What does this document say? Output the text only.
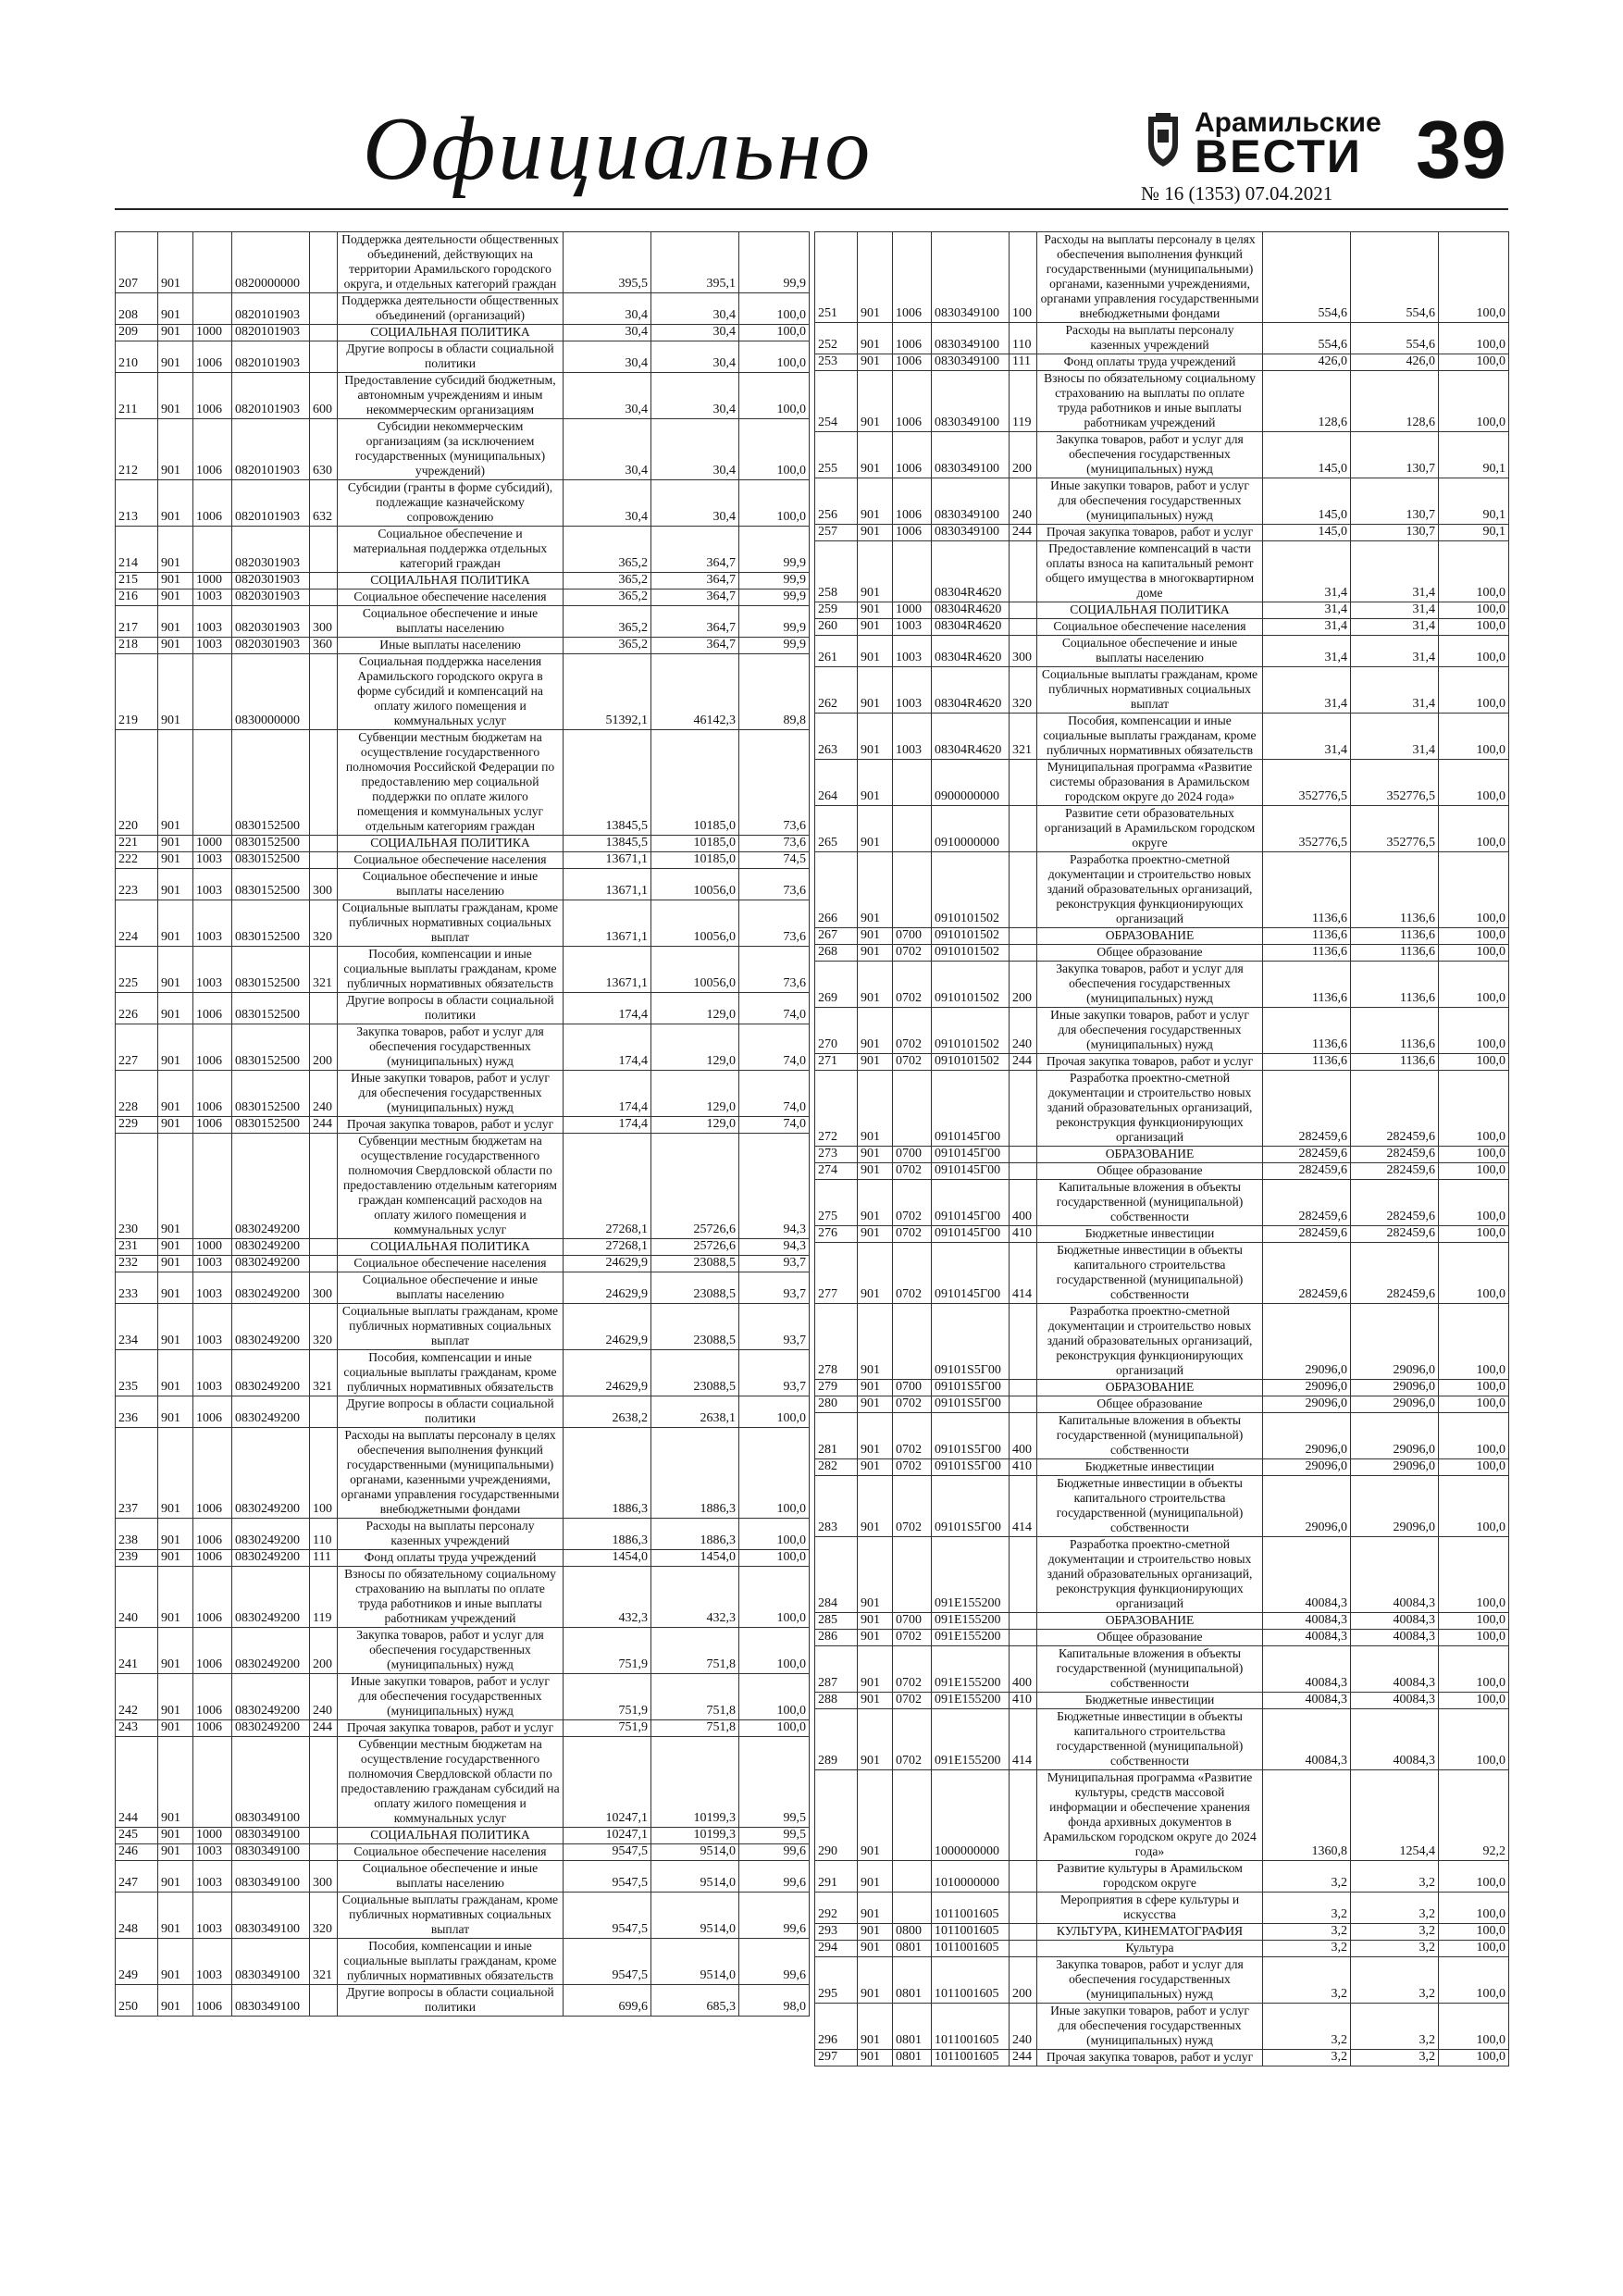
Официально	Арамильские
ВЕСТИ 39
№ 16 (1353) 07.04.2021
207	901		0820000000		Поддержка деятельности общественных объединений, действующих на территории Арамильского городского округа, и отдельных категорий граждан	395,5	395,1	99,9
208	901		0820101903		Поддержка деятельности общественных объединений (организаций)	30,4	30,4	100,0
209	901	1000	0820101903		СОЦИАЛЬНАЯ ПОЛИТИКА	30,4	30,4	100,0
210	901	1006	0820101903		Другие вопросы в области социальной политики	30,4	30,4	100,0
211	901	1006	0820101903	600	Предоставление субсидий бюджетным, автономным учреждениям и иным некоммерческим организациям	30,4	30,4	100,0
212	901	1006	0820101903	630	Субсидии некоммерческим организациям (за исключением государственных (муниципальных) учреждений)	30,4	30,4	100,0
213	901	1006	0820101903	632	Субсидии (гранты в форме субсидий), подлежащие казначейскому сопровождению	30,4	30,4	100,0
214	901		0820301903		Социальное обеспечение и материальная поддержка отдельных категорий граждан	365,2	364,7	99,9
215	901	1000	0820301903		СОЦИАЛЬНАЯ ПОЛИТИКА	365,2	364,7	99,9
216	901	1003	0820301903		Социальное обеспечение населения	365,2	364,7	99,9
217	901	1003	0820301903	300	Социальное обеспечение и иные выплаты населению	365,2	364,7	99,9
218	901	1003	0820301903	360	Иные выплаты населению	365,2	364,7	99,9
219	901		0830000000		Социальная поддержка населения Арамильского городского округа в форме субсидий и компенсаций на оплату жилого помещения и коммунальных услуг	51392,1	46142,3	89,8
220	901		0830152500		Субвенции местным бюджетам на осуществление государственного полномочия Российской Федерации по предоставлению мер социальной поддержки по оплате жилого помещения и коммунальных услуг отдельным категориям граждан	13845,5	10185,0	73,6
221	901	1000	0830152500		СОЦИАЛЬНАЯ ПОЛИТИКА	13845,5	10185,0	73,6
222	901	1003	0830152500		Социальное обеспечение населения	13671,1	10185,0	74,5
223	901	1003	0830152500	300	Социальное обеспечение и иные выплаты населению	13671,1	10056,0	73,6
224	901	1003	0830152500	320	Социальные выплаты гражданам, кроме публичных нормативных социальных выплат	13671,1	10056,0	73,6
225	901	1003	0830152500	321	Пособия, компенсации и иные социальные выплаты гражданам, кроме публичных нормативных обязательств	13671,1	10056,0	73,6
226	901	1006	0830152500		Другие вопросы в области социальной политики	174,4	129,0	74,0
227	901	1006	0830152500	200	Закупка товаров, работ и услуг для обеспечения государственных (муниципальных) нужд	174,4	129,0	74,0
228	901	1006	0830152500	240	Иные закупки товаров, работ и услуг для обеспечения государственных (муниципальных) нужд	174,4	129,0	74,0
229	901	1006	0830152500	244	Прочая закупка товаров, работ и услуг	174,4	129,0	74,0
230	901		0830249200		Субвенции местным бюджетам на осуществление государственного полномочия Свердловской области по предоставлению отдельным категориям граждан компенсаций расходов на оплату жилого помещения и коммунальных услуг	27268,1	25726,6	94,3
231	901	1000	0830249200		СОЦИАЛЬНАЯ ПОЛИТИКА	27268,1	25726,6	94,3
232	901	1003	0830249200		Социальное обеспечение населения	24629,9	23088,5	93,7
233	901	1003	0830249200	300	Социальное обеспечение и иные выплаты населению	24629,9	23088,5	93,7
234	901	1003	0830249200	320	Социальные выплаты гражданам, кроме публичных нормативных социальных выплат	24629,9	23088,5	93,7
235	901	1003	0830249200	321	Пособия, компенсации и иные социальные выплаты гражданам, кроме публичных нормативных обязательств	24629,9	23088,5	93,7
236	901	1006	0830249200		Другие вопросы в области социальной политики	2638,2	2638,1	100,0
237	901	1006	0830249200	100	Расходы на выплаты персоналу в целях обеспечения выполнения функций государственными (муниципальными) органами, казенными учреждениями, органами управления государственными внебюджетными фондами	1886,3	1886,3	100,0
238	901	1006	0830249200	110	Расходы на выплаты персоналу казенных учреждений	1886,3	1886,3	100,0
239	901	1006	0830249200	111	Фонд оплаты труда учреждений	1454,0	1454,0	100,0
240	901	1006	0830249200	119	Взносы по обязательному социальному страхованию на выплаты по оплате труда работников и иные выплаты работникам учреждений	432,3	432,3	100,0
241	901	1006	0830249200	200	Закупка товаров, работ и услуг для обеспечения государственных (муниципальных) нужд	751,9	751,8	100,0
242	901	1006	0830249200	240	Иные закупки товаров, работ и услуг для обеспечения государственных (муниципальных) нужд	751,9	751,8	100,0
243	901	1006	0830249200	244	Прочая закупка товаров, работ и услуг	751,9	751,8	100,0
244	901		0830349100		Субвенции местным бюджетам на осуществление государственного полномочия Свердловской области по предоставлению гражданам субсидий на оплату жилого помещения и коммунальных услуг	10247,1	10199,3	99,5
245	901	1000	0830349100		СОЦИАЛЬНАЯ ПОЛИТИКА	10247,1	10199,3	99,5
246	901	1003	0830349100		Социальное обеспечение населения	9547,5	9514,0	99,6
247	901	1003	0830349100	300	Социальное обеспечение и иные выплаты населению	9547,5	9514,0	99,6
248	901	1003	0830349100	320	Социальные выплаты гражданам, кроме публичных нормативных социальных выплат	9547,5	9514,0	99,6
249	901	1003	0830349100	321	Пособия, компенсации и иные социальные выплаты гражданам, кроме публичных нормативных обязательств	9547,5	9514,0	99,6
250	901	1006	0830349100		Другие вопросы в области социальной политики	699,6	685,3	98,0
251	901	1006	0830349100	100	Расходы на выплаты персоналу в целях обеспечения выполнения функций государственными (муниципальными) органами, казенными учреждениями, органами управления государственными внебюджетными фондами	554,6	554,6	100,0
252	901	1006	0830349100	110	Расходы на выплаты персоналу казенных учреждений	554,6	554,6	100,0
253	901	1006	0830349100	111	Фонд оплаты труда учреждений	426,0	426,0	100,0
254	901	1006	0830349100	119	Взносы по обязательному социальному страхованию на выплаты по оплате труда работников и иные выплаты работникам учреждений	128,6	128,6	100,0
255	901	1006	0830349100	200	Закупка товаров, работ и услуг для обеспечения государственных (муниципальных) нужд	145,0	130,7	90,1
256	901	1006	0830349100	240	Иные закупки товаров, работ и услуг для обеспечения государственных (муниципальных) нужд	145,0	130,7	90,1
257	901	1006	0830349100	244	Прочая закупка товаров, работ и услуг	145,0	130,7	90,1
258	901		08304R4620		Предоставление компенсаций в части оплаты взноса на капитальный ремонт общего имущества в многоквартирном доме	31,4	31,4	100,0
259	901	1000	08304R4620		СОЦИАЛЬНАЯ ПОЛИТИКА	31,4	31,4	100,0
260	901	1003	08304R4620		Социальное обеспечение населения	31,4	31,4	100,0
261	901	1003	08304R4620	300	Социальное обеспечение и иные выплаты населению	31,4	31,4	100,0
262	901	1003	08304R4620	320	Социальные выплаты гражданам, кроме публичных нормативных социальных выплат	31,4	31,4	100,0
263	901	1003	08304R4620	321	Пособия, компенсации и иные социальные выплаты гражданам, кроме публичных нормативных обязательств	31,4	31,4	100,0
264	901		0900000000		Муниципальная программа «Развитие системы образования в Арамильском городском округе до 2024 года»	352776,5	352776,5	100,0
265	901		0910000000		Развитие сети образовательных организаций в Арамильском городском округе	352776,5	352776,5	100,0
266	901		0910101502		Разработка проектно-сметной документации и строительство новых зданий образовательных организаций, реконструкция функционирующих организаций	1136,6	1136,6	100,0
267	901	0700	0910101502		ОБРАЗОВАНИЕ	1136,6	1136,6	100,0
268	901	0702	0910101502		Общее образование	1136,6	1136,6	100,0
269	901	0702	0910101502	200	Закупка товаров, работ и услуг для обеспечения государственных (муниципальных) нужд	1136,6	1136,6	100,0
270	901	0702	0910101502	240	Иные закупки товаров, работ и услуг для обеспечения государственных (муниципальных) нужд	1136,6	1136,6	100,0
271	901	0702	0910101502	244	Прочая закупка товаров, работ и услуг	1136,6	1136,6	100,0
272	901		0910145Г00		Разработка проектно-сметной документации и строительство новых зданий образовательных организаций, реконструкция функционирующих организаций	282459,6	282459,6	100,0
273	901	0700	0910145Г00		ОБРАЗОВАНИЕ	282459,6	282459,6	100,0
274	901	0702	0910145Г00		Общее образование	282459,6	282459,6	100,0
275	901	0702	0910145Г00	400	Капитальные вложения в объекты государственной (муниципальной) собственности	282459,6	282459,6	100,0
276	901	0702	0910145Г00	410	Бюджетные инвестиции	282459,6	282459,6	100,0
277	901	0702	0910145Г00	414	Бюджетные инвестиции в объекты капитального строительства государственной (муниципальной) собственности	282459,6	282459,6	100,0
278	901		09101S5Г00		Разработка проектно-сметной документации и строительство новых зданий образовательных организаций, реконструкция функционирующих организаций	29096,0	29096,0	100,0
279	901	0700	09101S5Г00		ОБРАЗОВАНИЕ	29096,0	29096,0	100,0
280	901	0702	09101S5Г00		Общее образование	29096,0	29096,0	100,0
281	901	0702	09101S5Г00	400	Капитальные вложения в объекты государственной (муниципальной) собственности	29096,0	29096,0	100,0
282	901	0702	09101S5Г00	410	Бюджетные инвестиции	29096,0	29096,0	100,0
283	901	0702	09101S5Г00	414	Бюджетные инвестиции в объекты капитального строительства государственной (муниципальной) собственности	29096,0	29096,0	100,0
284	901		091E155200		Разработка проектно-сметной документации и строительство новых зданий образовательных организаций, реконструкция функционирующих организаций	40084,3	40084,3	100,0
285	901	0700	091E155200		ОБРАЗОВАНИЕ	40084,3	40084,3	100,0
286	901	0702	091E155200		Общее образование	40084,3	40084,3	100,0
287	901	0702	091E155200	400	Капитальные вложения в объекты государственной (муниципальной) собственности	40084,3	40084,3	100,0
288	901	0702	091E155200	410	Бюджетные инвестиции	40084,3	40084,3	100,0
289	901	0702	091E155200	414	Бюджетные инвестиции в объекты капитального строительства государственной (муниципальной) собственности	40084,3	40084,3	100,0
290	901		1000000000		Муниципальная программа «Развитие культуры, средств массовой информации и обеспечение хранения фонда архивных документов в Арамильском городском округе до 2024 года»	1360,8	1254,4	92,2
291	901		1010000000		Развитие культуры в Арамильском городском округе	3,2	3,2	100,0
292	901		1011001605		Мероприятия в сфере культуры и искусства	3,2	3,2	100,0
293	901	0800	1011001605		КУЛЬТУРА, КИНЕМАТОГРАФИЯ	3,2	3,2	100,0
294	901	0801	1011001605		Культура	3,2	3,2	100,0
295	901	0801	1011001605	200	Закупка товаров, работ и услуг для обеспечения государственных (муниципальных) нужд	3,2	3,2	100,0
296	901	0801	1011001605	240	Иные закупки товаров, работ и услуг для обеспечения государственных (муниципальных) нужд	3,2	3,2	100,0
297	901	0801	1011001605	244	Прочая закупка товаров, работ и услуг	3,2	3,2	100,0
